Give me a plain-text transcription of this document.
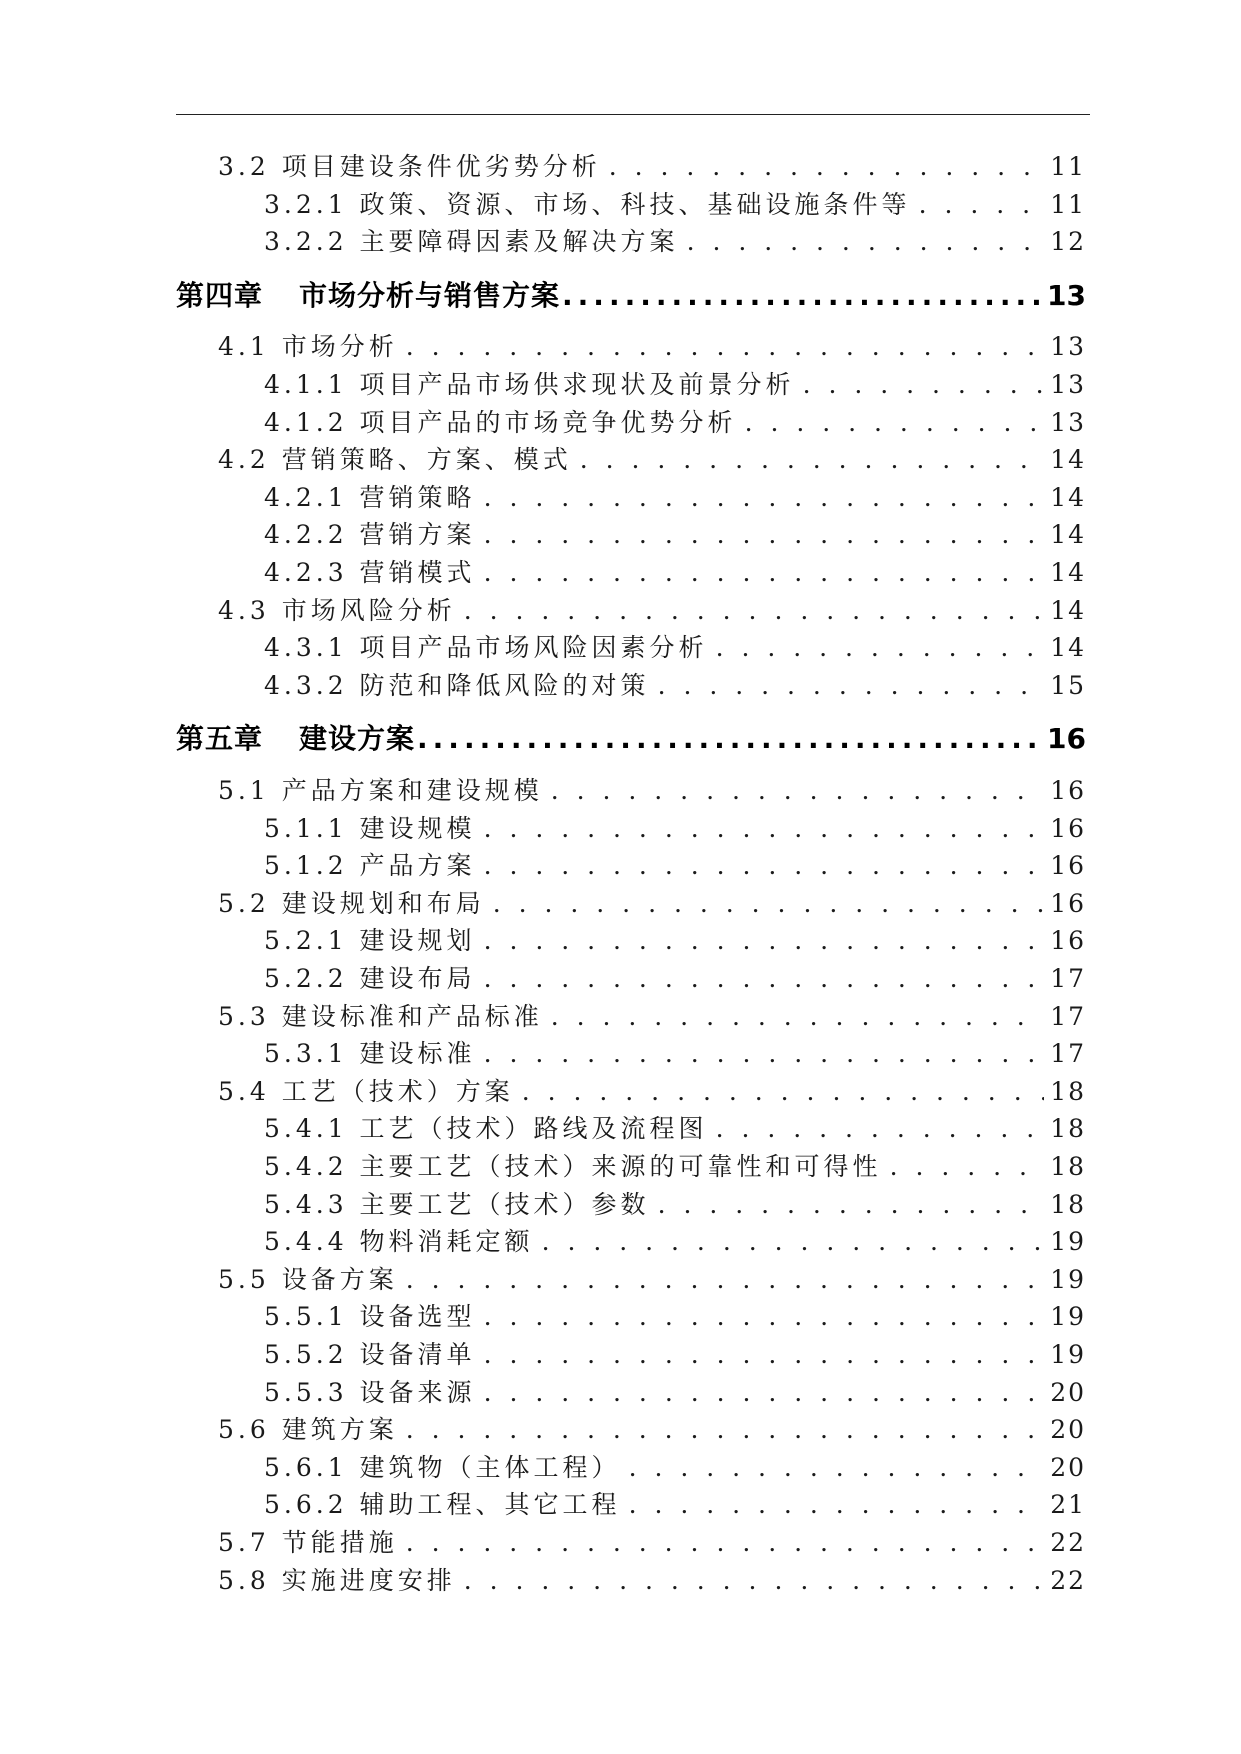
3.2 项目建设条件优劣势分析 . . .	11
3.2.1 政策、资源、市场、科技、基础设施条件等 . . .	11
3.2.2 主要障碍因素及解决方案 . . .	12
第四章 市场分析与销售方案 .....	13
4.1 市场分析 . . .	13
4.1.1 项目产品市场供求现状及前景分析 . . .	13
4.1.2 项目产品的市场竞争优势分析 . . .	13
4.2 营销策略、方案、模式 . . .	14
4.2.1 营销策略 . . .	14
4.2.2 营销方案 . . .	14
4.2.3 营销模式 . . .	14
4.3 市场风险分析 . . .	14
4.3.1 项目产品市场风险因素分析 . . .	14
4.3.2 防范和降低风险的对策 . . .	15
第五章 建设方案 .....	16
5.1 产品方案和建设规模 . . .	16
5.1.1 建设规模 . . .	16
5.1.2 产品方案 . . .	16
5.2 建设规划和布局 . . .	16
5.2.1 建设规划 . . .	16
5.2.2 建设布局 . . .	17
5.3 建设标准和产品标准 . . .	17
5.3.1 建设标准 . . .	17
5.4 工艺（技术）方案 . . .	18
5.4.1 工艺（技术）路线及流程图 . . .	18
5.4.2 主要工艺（技术）来源的可靠性和可得性 . . .	18
5.4.3 主要工艺（技术）参数 . . .	18
5.4.4 物料消耗定额 . . .	19
5.5 设备方案 . . .	19
5.5.1 设备选型 . . .	19
5.5.2 设备清单 . . .	19
5.5.3 设备来源 . . .	20
5.6 建筑方案 . . .	20
5.6.1 建筑物（主体工程） . . .	20
5.6.2 辅助工程、其它工程 . . .	21
5.7 节能措施 . . .	22
5.8 实施进度安排 . . .	22
